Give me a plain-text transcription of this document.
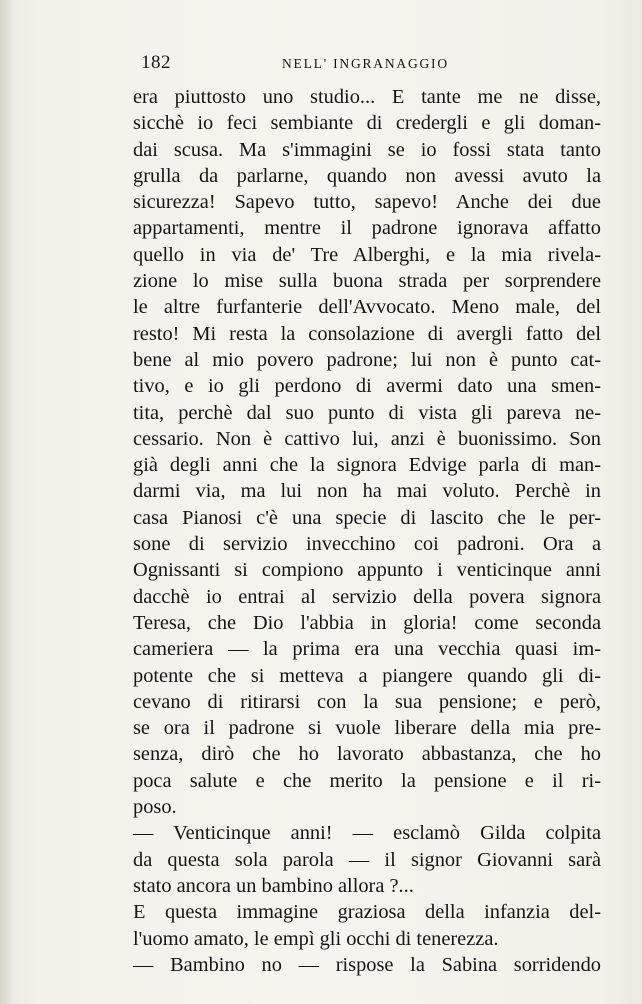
182	NELL' INGRANAGGIO
era piuttosto uno studio... E tante me ne disse,
sicchè io feci sembiante di credergli e gli doman-
dai scusa. Ma s'immagini se io fossi stata tanto
grulla da parlarne, quando non avessi avuto la
sicurezza! Sapevo tutto, sapevo! Anche dei due
appartamenti, mentre il padrone ignorava affatto
quello in via de' Tre Alberghi, e la mia rivela-
zione lo mise sulla buona strada per sorprendere
le altre furfanterie dell'Avvocato. Meno male, del
resto! Mi resta la consolazione di avergli fatto del
bene al mio povero padrone; lui non è punto cat-
tivo, e io gli perdono di avermi dato una smen-
tita, perchè dal suo punto di vista gli pareva ne-
cessario. Non è cattivo lui, anzi è buonissimo. Son
già degli anni che la signora Edvige parla di man-
darmi via, ma lui non ha mai voluto. Perchè in
casa Pianosi c'è una specie di lascito che le per-
sone di servizio invecchino coi padroni. Ora a
Ognissanti si compiono appunto i venticinque anni
dacchè io entrai al servizio della povera signora
Teresa, che Dio l'abbia in gloria! come seconda
cameriera — la prima era una vecchia quasi im-
potente che si metteva a piangere quando gli di-
cevano di ritirarsi con la sua pensione; e però,
se ora il padrone si vuole liberare della mia pre-
senza, dirò che ho lavorato abbastanza, che ho
poca salute e che merito la pensione e il ri-
poso.
— Venticinque anni! — esclamò Gilda colpita
da questa sola parola — il signor Giovanni sarà
stato ancora un bambino allora ?...
E questa immagine graziosa della infanzia del-
l'uomo amato, le empì gli occhi di tenerezza.
— Bambino no — rispose la Sabina sorridendo
